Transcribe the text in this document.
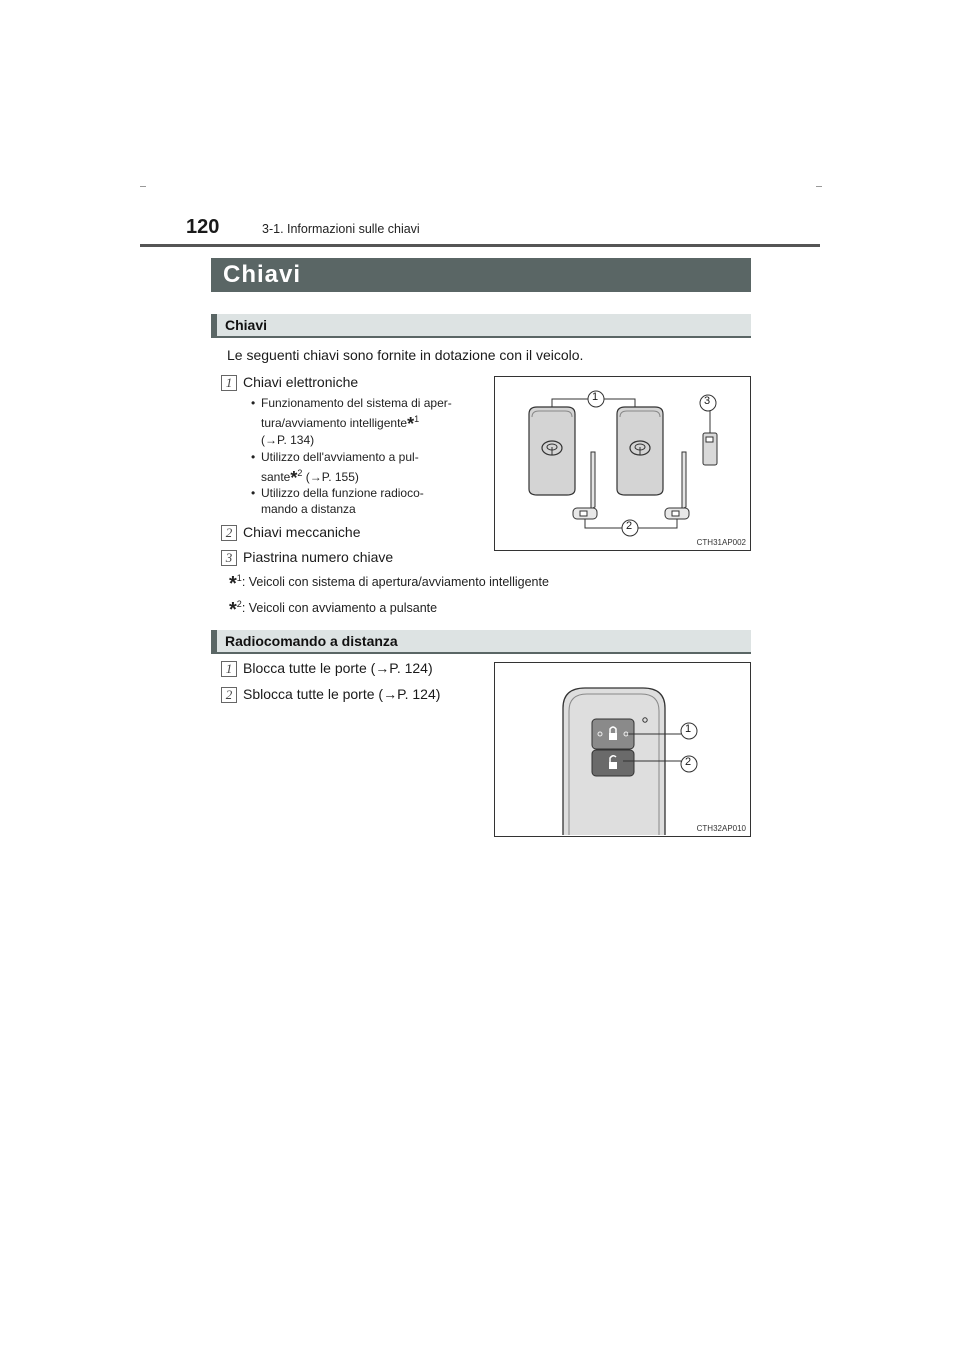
120	3-1. Informazioni sulle chiavi
Chiavi
Chiavi
Le seguenti chiavi sono fornite in dotazione con il veicolo.
1 Chiavi elettroniche
• Funzionamento del sistema di aper-
tura/avviamento intelligente*$^1$
(→P. 134)
• Utilizzo dell'avviamento a pul-
sante*$^2$ (→P. 155)
• Utilizzo della funzione radioco-
mando a distanza
2 Chiavi meccaniche
3 Piastrina numero chiave
*$^1$: Veicoli con sistema di apertura/avviamento intelligente
*$^2$: Veicoli con avviamento a pulsante
1
2
3
CTH31AP002
Radiocomando a distanza
1 Blocca tutte le porte (→P. 124)
2 Sblocca tutte le porte (→P. 124)
1
2
CTH32AP010
